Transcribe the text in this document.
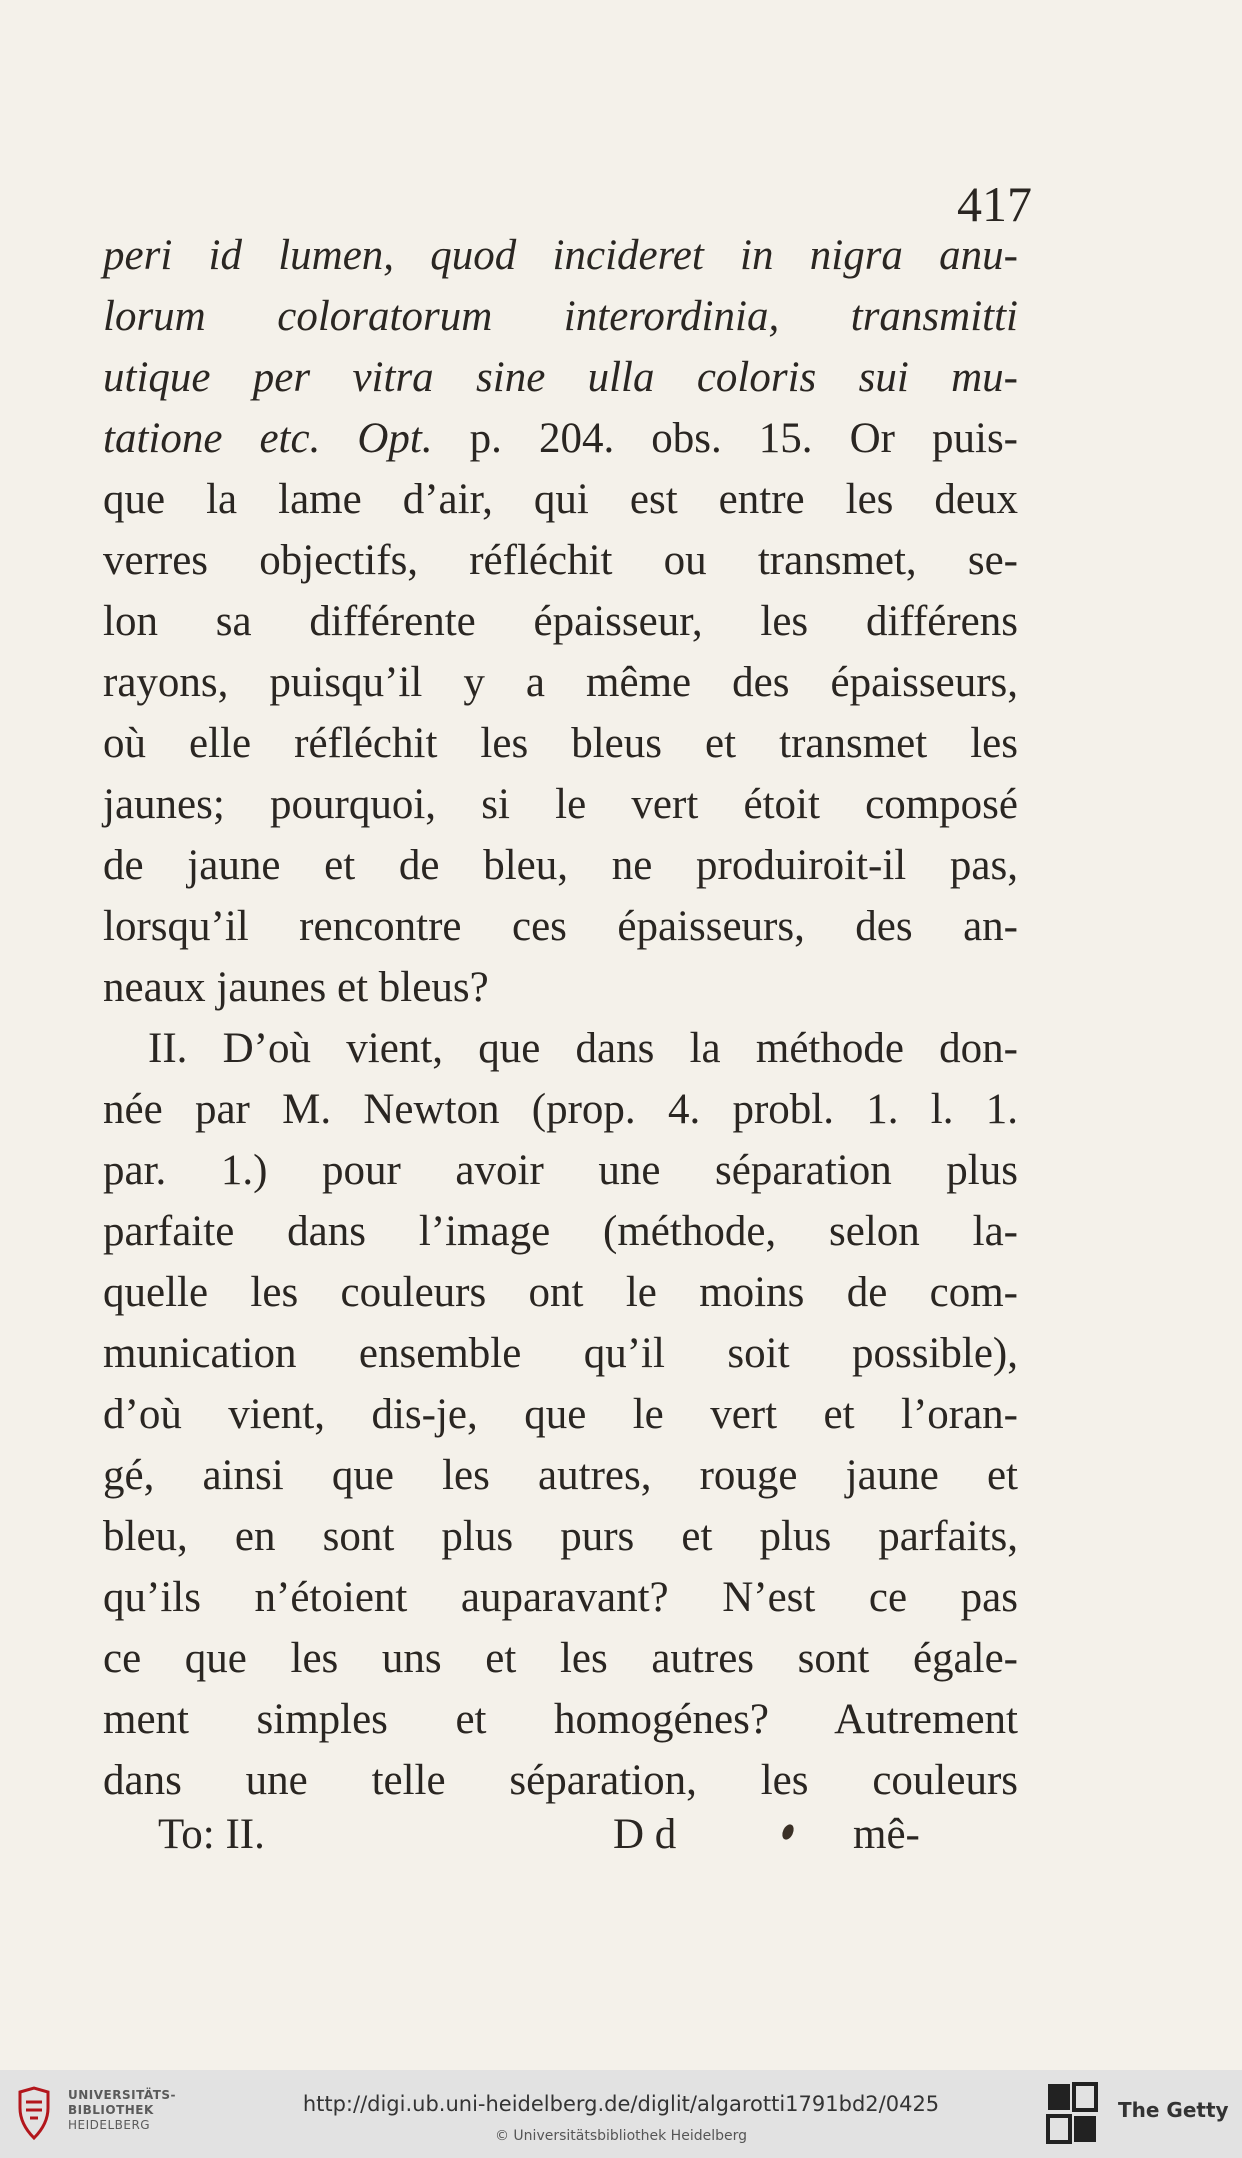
417
peri id lumen, quod incideret in nigra anu-
lorum coloratorum interordinia, transmitti
utique per vitra sine ulla coloris sui mu-
tatione etc. Opt. p. 204. obs. 15. Or puis-
que la lame d’air, qui est entre les deux
verres objectifs, réfléchit ou transmet, se-
lon sa différente épaisseur, les différens
rayons, puisqu’il y a même des épaisseurs,
où elle réfléchit les bleus et transmet les
jaunes; pourquoi, si le vert étoit composé
de jaune et de bleu, ne produiroit-il pas,
lorsqu’il rencontre ces épaisseurs, des an-
neaux jaunes et bleus?
II. D’où vient, que dans la méthode don-
née par M. Newton (prop. 4. probl. 1. l. 1.
par. 1.) pour avoir une séparation plus
parfaite dans l’image (méthode, selon la-
quelle les couleurs ont le moins de com-
munication ensemble qu’il soit possible),
d’où vient, dis-je, que le vert et l’oran-
gé, ainsi que les autres, rouge jaune et
bleu, en sont plus purs et plus parfaits,
qu’ils n’étoient auparavant? N’est ce pas
ce que les uns et les autres sont égale-
ment simples et homogénes? Autrement
dans une telle séparation, les couleurs
To: II.	D d	mê-
UNIVERSITÄTS-
BIBLIOTHEK
HEIDELBERG
http://digi.ub.uni-heidelberg.de/diglit/algarotti1791bd2/0425
© Universitätsbibliothek Heidelberg
The Getty
